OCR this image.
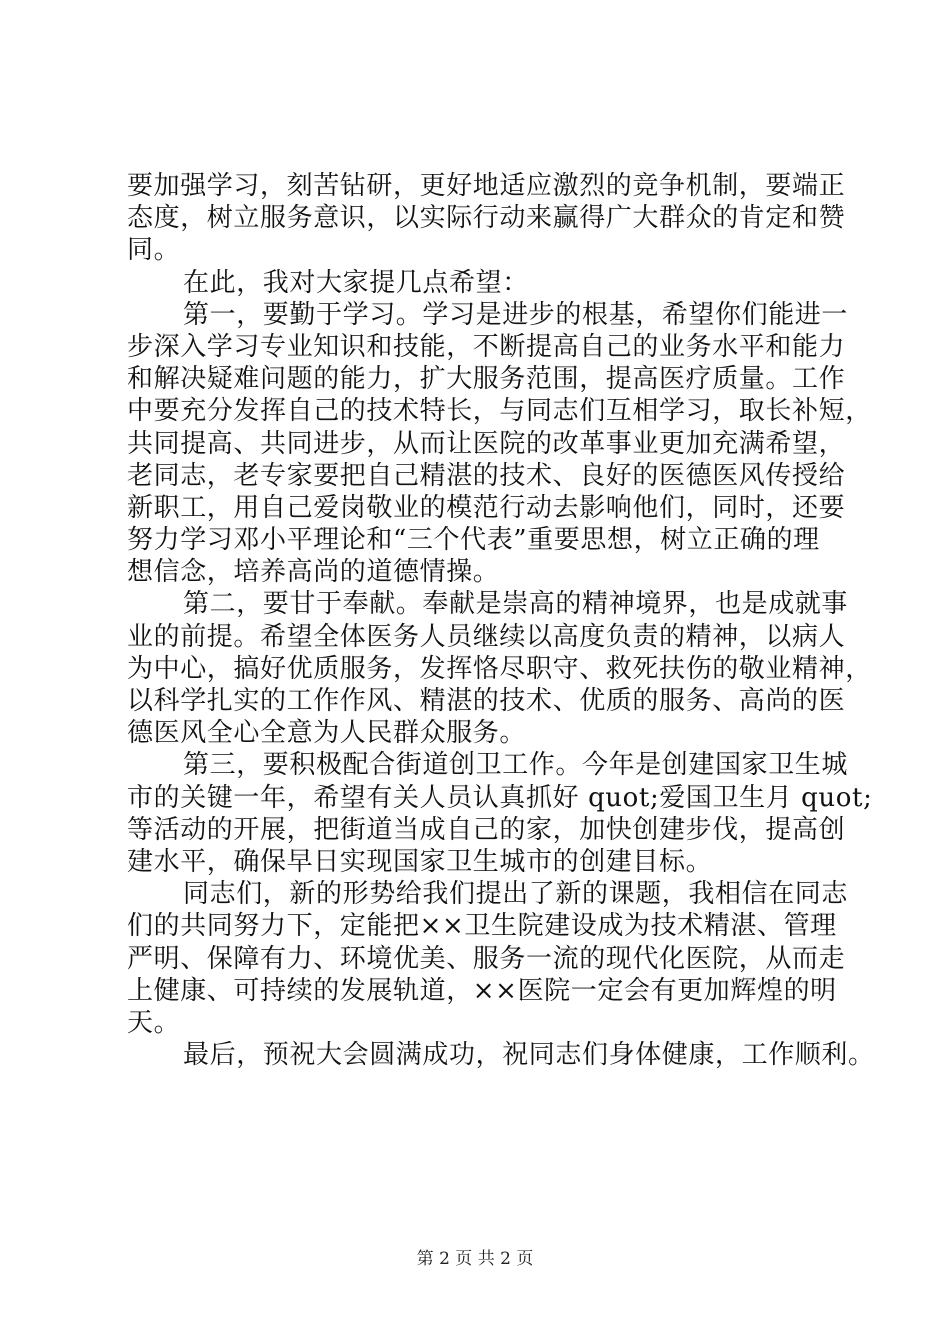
要加强学习，刻苦钻研，更好地适应激烈的竞争机制，要端正
态度，树立服务意识，以实际行动来赢得广大群众的肯定和赞
同。
在此，我对大家提几点希望：
第一，要勤于学习。学习是进步的根基，希望你们能进一
步深入学习专业知识和技能，不断提高自己的业务水平和能力
和解决疑难问题的能力，扩大服务范围，提高医疗质量。工作
中要充分发挥自己的技术特长，与同志们互相学习，取长补短，
共同提高、共同进步，从而让医院的改革事业更加充满希望，
老同志，老专家要把自己精湛的技术、良好的医德医风传授给
新职工，用自己爱岗敬业的模范行动去影响他们，同时，还要
努力学习邓小平理论和“三个代表”重要思想，树立正确的理
想信念，培养高尚的道德情操。
第二，要甘于奉献。奉献是崇高的精神境界，也是成就事
业的前提。希望全体医务人员继续以高度负责的精神，以病人
为中心，搞好优质服务，发挥恪尽职守、救死扶伤的敬业精神，
以科学扎实的工作作风、精湛的技术、优质的服务、高尚的医
德医风全心全意为人民群众服务。
第三，要积极配合街道创卫工作。今年是创建国家卫生城
市的关键一年，希望有关人员认真抓好 quot;爱国卫生月 quot;
等活动的开展，把街道当成自己的家，加快创建步伐，提高创
建水平，确保早日实现国家卫生城市的创建目标。
同志们，新的形势给我们提出了新的课题，我相信在同志
们的共同努力下，定能把××卫生院建设成为技术精湛、管理
严明、保障有力、环境优美、服务一流的现代化医院，从而走
上健康、可持续的发展轨道，××医院一定会有更加辉煌的明
天。
最后，预祝大会圆满成功，祝同志们身体健康，工作顺利。
第 2 页 共 2 页
